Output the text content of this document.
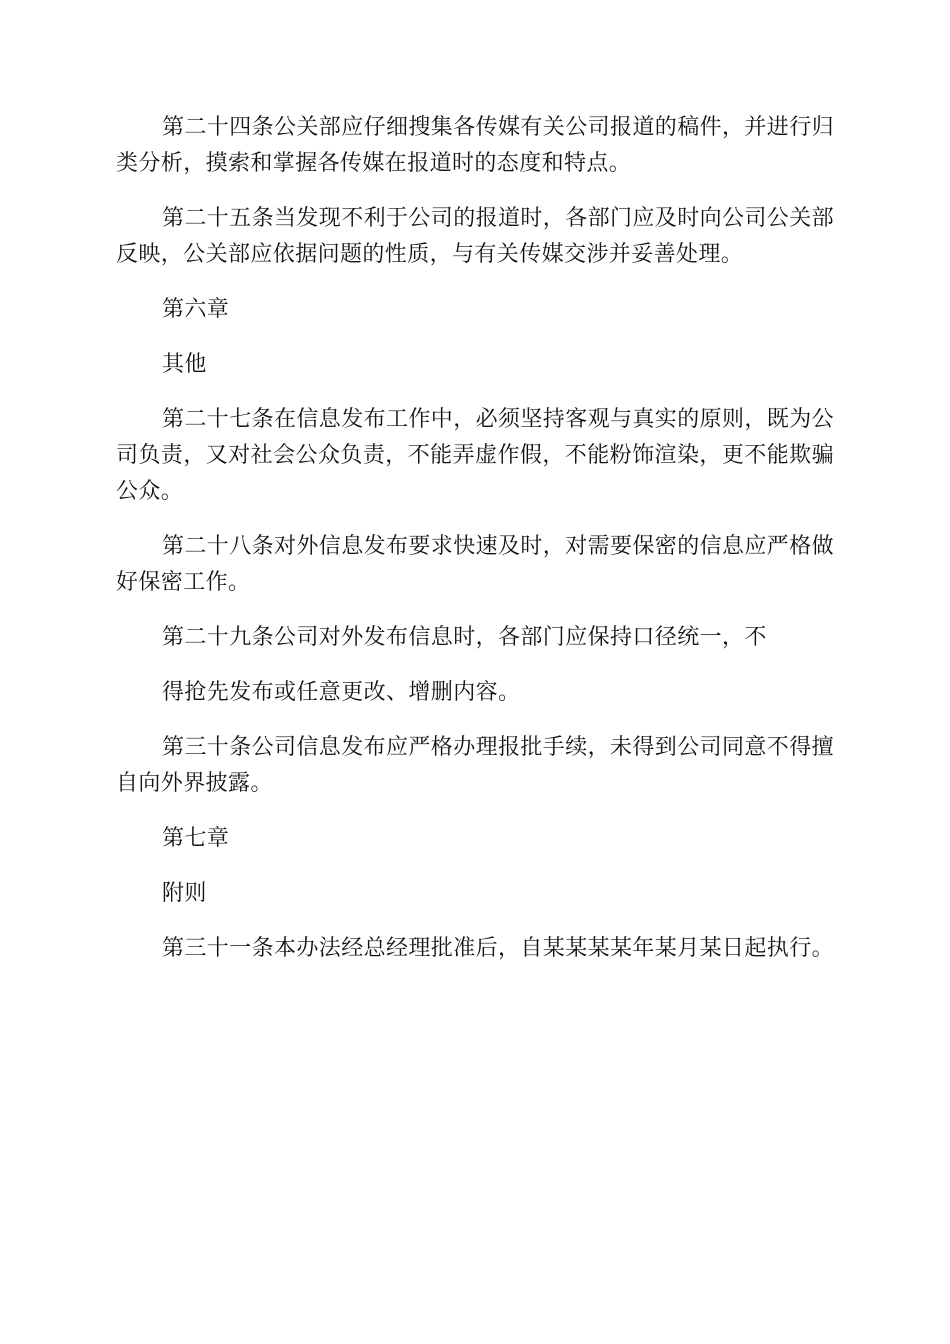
第二十四条公关部应仔细搜集各传媒有关公司报道的稿件，并进行归类分析，摸索和掌握各传媒在报道时的态度和特点。

第二十五条当发现不利于公司的报道时，各部门应及时向公司公关部反映，公关部应依据问题的性质，与有关传媒交涉并妥善处理。

第六章

其他

第二十七条在信息发布工作中，必须坚持客观与真实的原则，既为公司负责，又对社会公众负责，不能弄虚作假，不能粉饰渲染，更不能欺骗公众。

第二十八条对外信息发布要求快速及时，对需要保密的信息应严格做好保密工作。

第二十九条公司对外发布信息时，各部门应保持口径统一，不

得抢先发布或任意更改、增删内容。

第三十条公司信息发布应严格办理报批手续，未得到公司同意不得擅自向外界披露。

第七章

附则

第三十一条本办法经总经理批准后，自某某某某年某月某日起执行。
